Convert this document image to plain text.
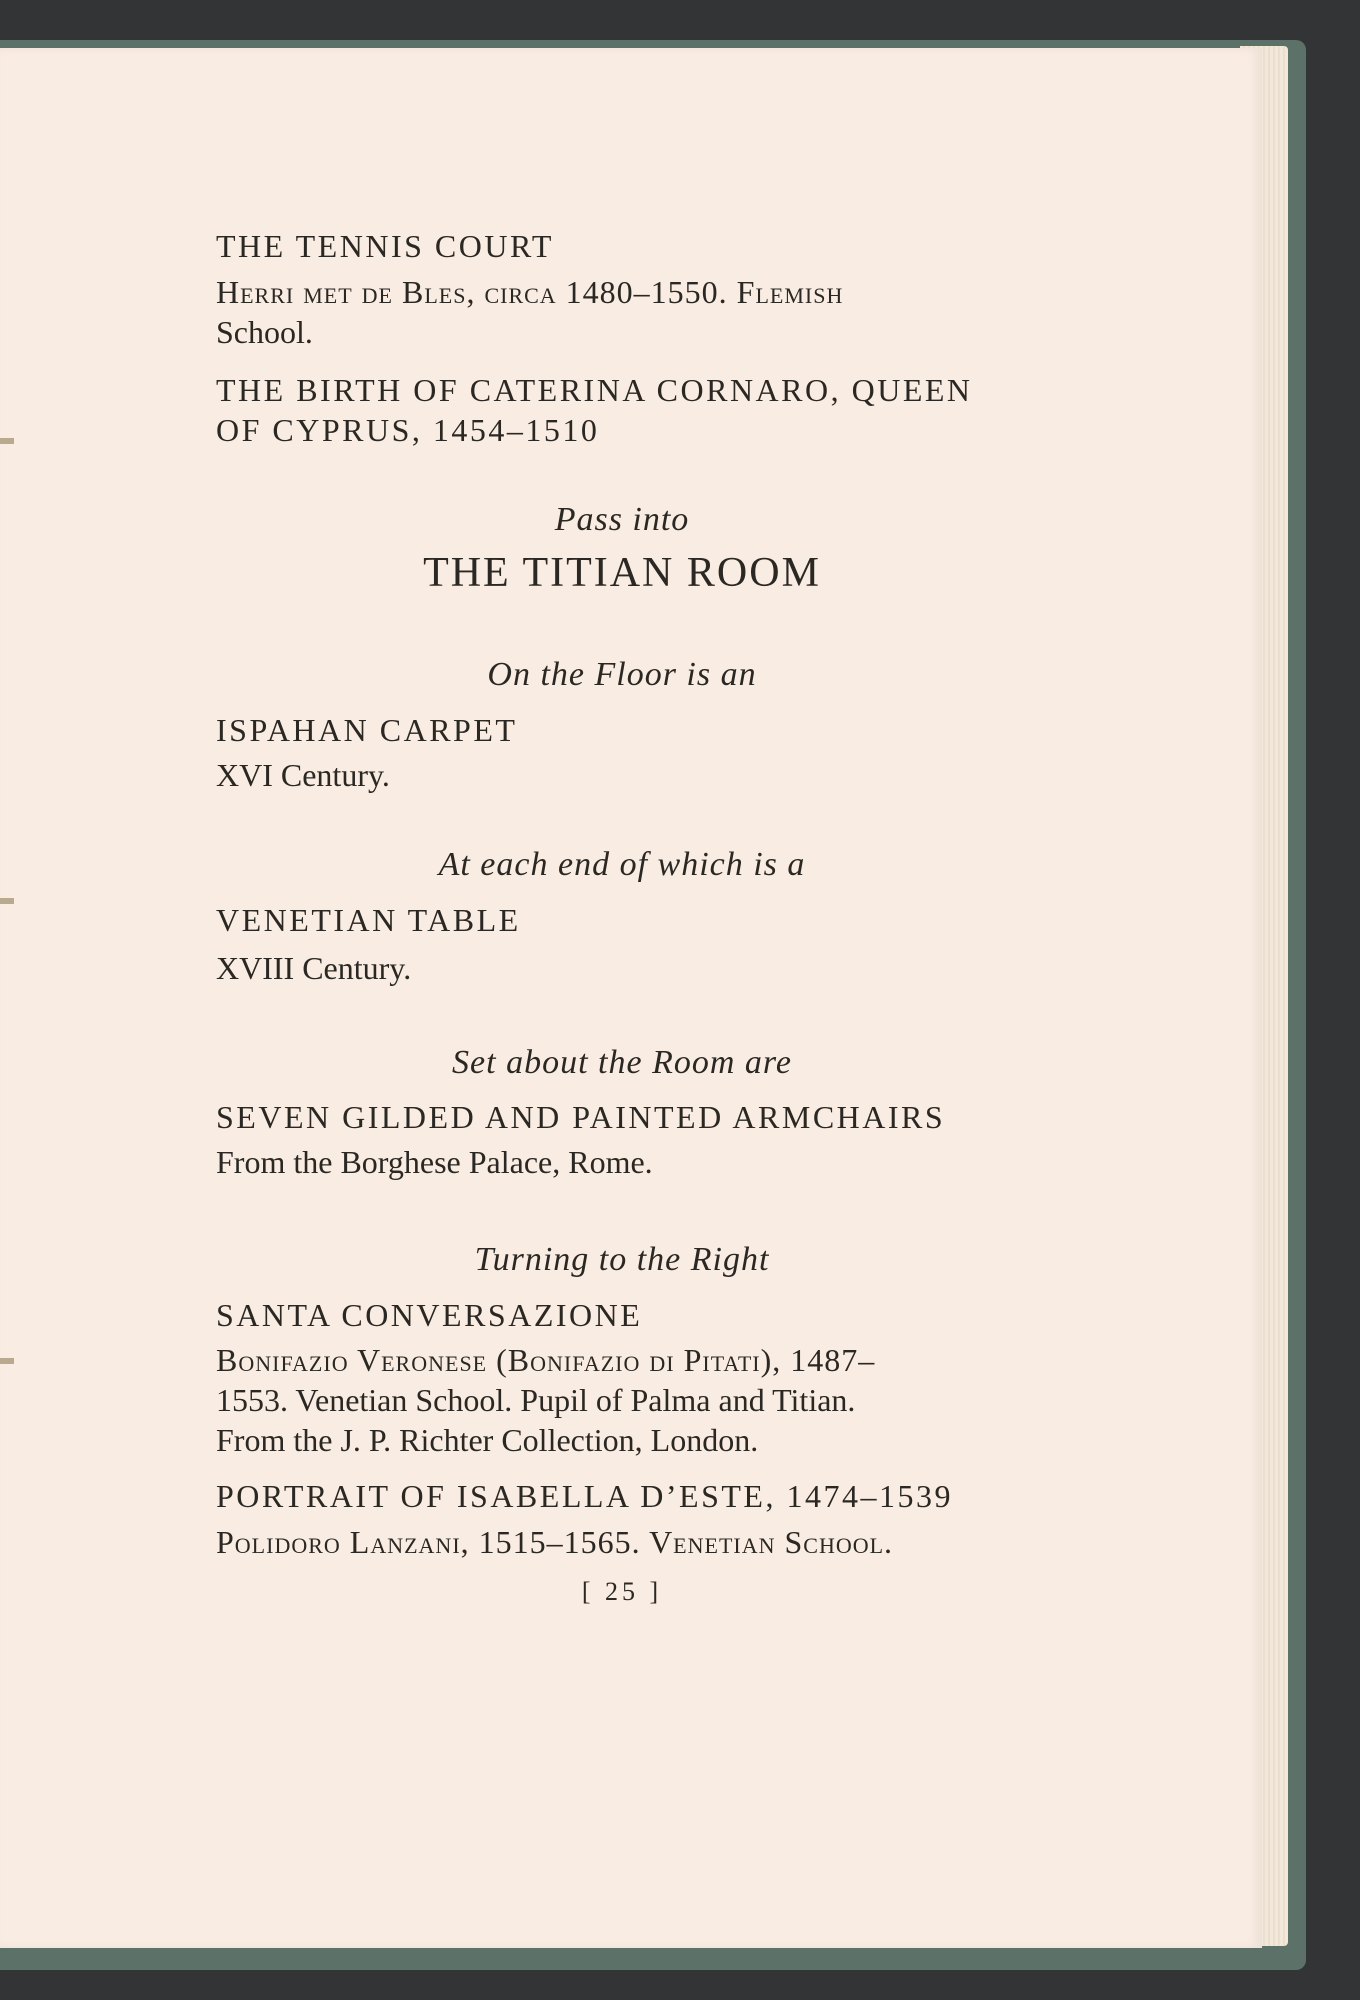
THE TENNIS COURT
Herri met de Bles, circa 1480–1550. Flemish
School.
THE BIRTH OF CATERINA CORNARO, QUEEN
OF CYPRUS, 1454–1510
Pass into
THE TITIAN ROOM
On the Floor is an
ISPAHAN CARPET
XVI Century.
At each end of which is a
VENETIAN TABLE
XVIII Century.
Set about the Room are
SEVEN GILDED AND PAINTED ARMCHAIRS
From the Borghese Palace, Rome.
Turning to the Right
SANTA CONVERSAZIONE
Bonifazio Veronese (Bonifazio di Pitati), 1487–
1553. Venetian School. Pupil of Palma and Titian.
From the J. P. Richter Collection, London.
PORTRAIT OF ISABELLA D’ESTE, 1474–1539
Polidoro Lanzani, 1515–1565. Venetian School.
[ 25 ]
